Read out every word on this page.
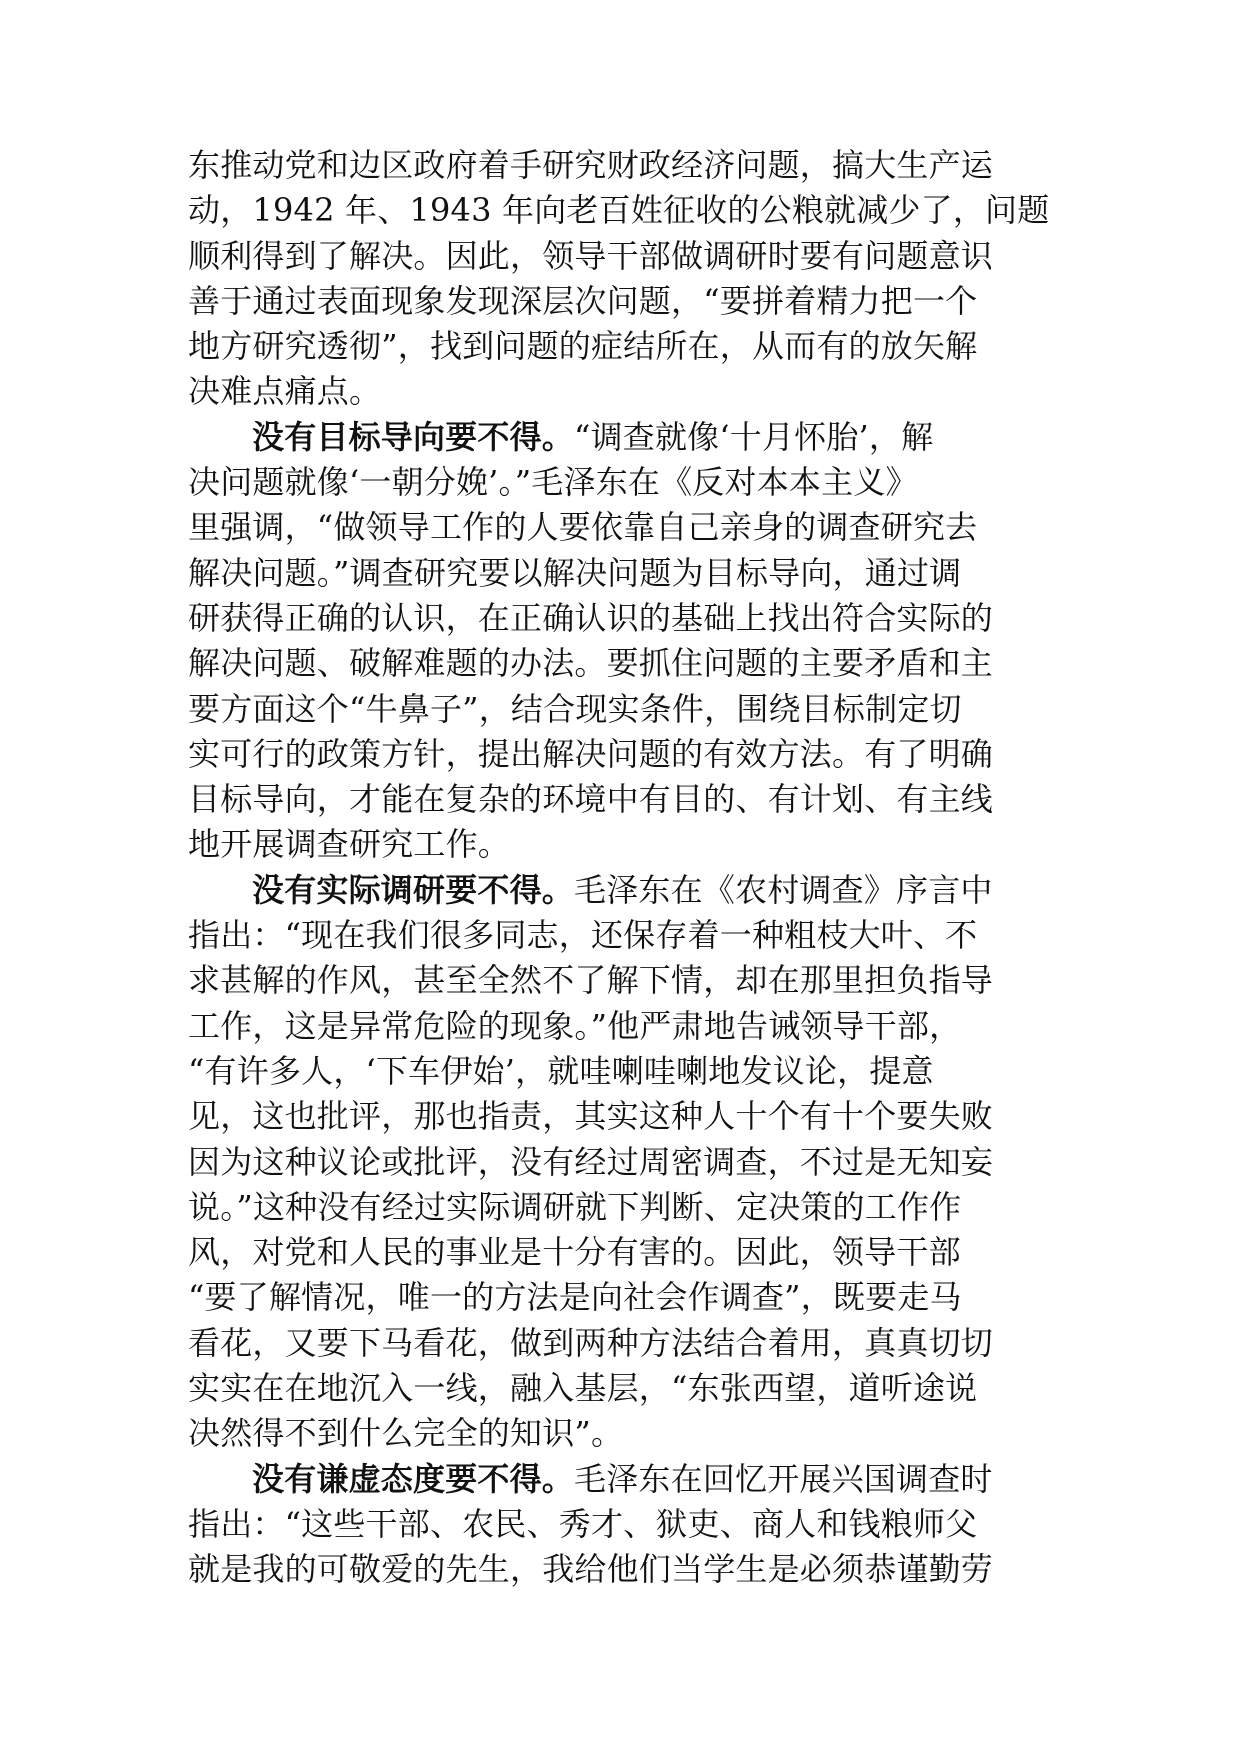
东推动党和边区政府着手研究财政经济问题，搞大生产运
动，1942 年、1943 年向老百姓征收的公粮就减少了，问题
顺利得到了解决。因此，领导干部做调研时要有问题意识
善于通过表面现象发现深层次问题，“要拼着精力把一个
地方研究透彻”，找到问题的症结所在，从而有的放矢解
决难点痛点。
没有目标导向要不得。“调查就像‘十月怀胎’，解
决问题就像‘一朝分娩’。”毛泽东在《反对本本主义》
里强调，“做领导工作的人要依靠自己亲身的调查研究去
解决问题。”调查研究要以解决问题为目标导向，通过调
研获得正确的认识，在正确认识的基础上找出符合实际的
解决问题、破解难题的办法。要抓住问题的主要矛盾和主
要方面这个“牛鼻子”，结合现实条件，围绕目标制定切
实可行的政策方针，提出解决问题的有效方法。有了明确
目标导向，才能在复杂的环境中有目的、有计划、有主线
地开展调查研究工作。
没有实际调研要不得。毛泽东在《农村调查》序言中
指出：“现在我们很多同志，还保存着一种粗枝大叶、不
求甚解的作风，甚至全然不了解下情，却在那里担负指导
工作，这是异常危险的现象。”他严肃地告诫领导干部，
“有许多人，‘下车伊始’，就哇喇哇喇地发议论，提意
见，这也批评，那也指责，其实这种人十个有十个要失败
因为这种议论或批评，没有经过周密调查，不过是无知妄
说。”这种没有经过实际调研就下判断、定决策的工作作
风，对党和人民的事业是十分有害的。因此，领导干部
“要了解情况，唯一的方法是向社会作调查”，既要走马
看花，又要下马看花，做到两种方法结合着用，真真切切
实实在在地沉入一线，融入基层，“东张西望，道听途说
决然得不到什么完全的知识”。
没有谦虚态度要不得。毛泽东在回忆开展兴国调查时
指出：“这些干部、农民、秀才、狱吏、商人和钱粮师父
就是我的可敬爱的先生，我给他们当学生是必须恭谨勤劳
